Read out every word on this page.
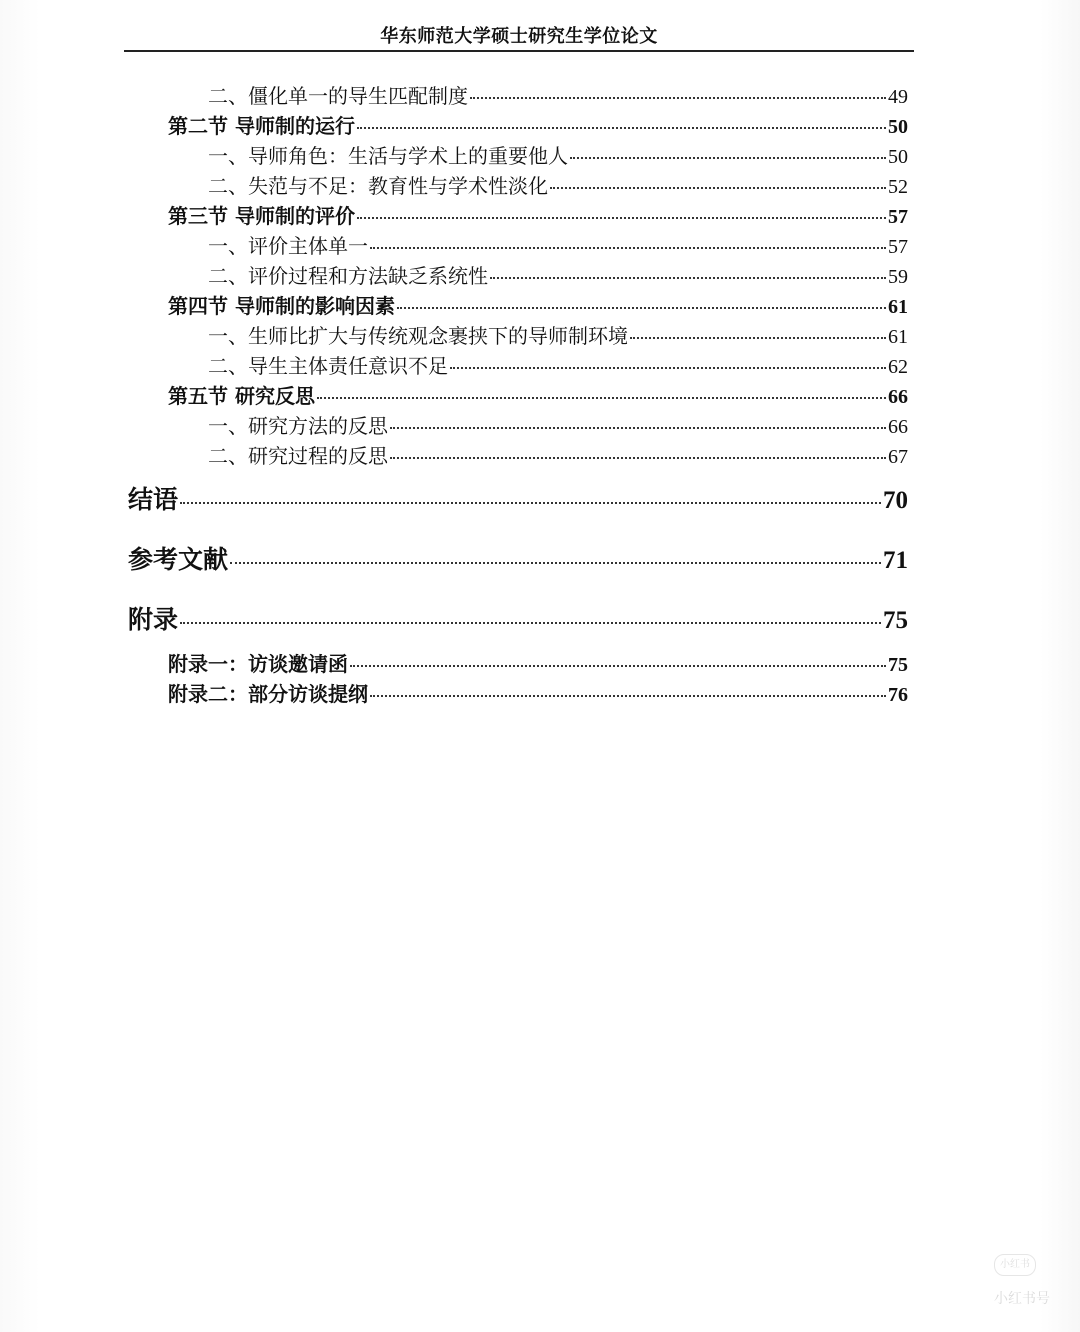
华东师范大学硕士研究生学位论文
二、僵化单一的导生匹配制度	49
第二节 导师制的运行	50
一、导师角色：生活与学术上的重要他人	50
二、失范与不足：教育性与学术性淡化	52
第三节 导师制的评价	57
一、评价主体单一	57
二、评价过程和方法缺乏系统性	59
第四节 导师制的影响因素	61
一、生师比扩大与传统观念裹挟下的导师制环境	61
二、导生主体责任意识不足	62
第五节 研究反思	66
一、研究方法的反思	66
二、研究过程的反思	67
结语	70
参考文献	71
附录	75
附录一：访谈邀请函	75
附录二：部分访谈提纲	76
小红书
小红书号
